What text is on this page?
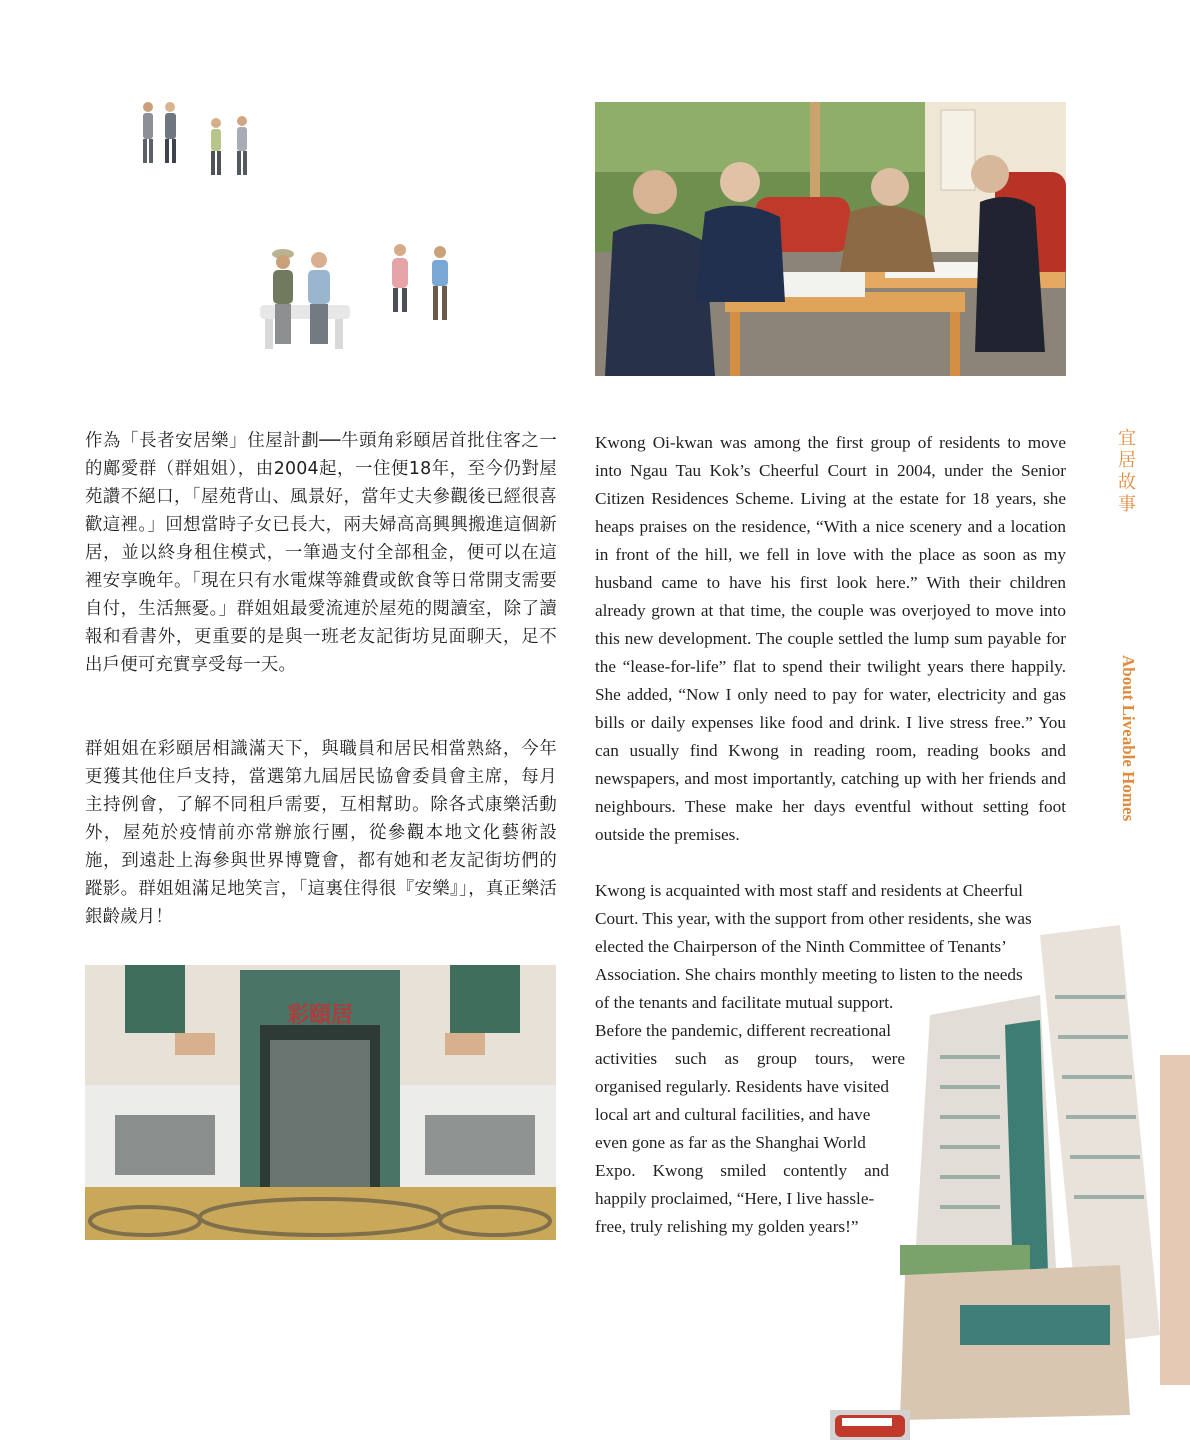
作為「長者安居樂」住屋計劃──牛頭角彩頤居首批住客之一的鄺愛群（群姐姐），由2004起，一住便18年，至今仍對屋苑讚不絕口，「屋苑背山、風景好，當年丈夫參觀後已經很喜歡這裡。」回想當時子女已長大，兩夫婦高高興興搬進這個新居，並以終身租住模式，一筆過支付全部租金，便可以在這裡安享晚年。「現在只有水電煤等雜費或飲食等日常開支需要自付，生活無憂。」群姐姐最愛流連於屋苑的閱讀室，除了讀報和看書外，更重要的是與一班老友記街坊見面聊天，足不出戶便可充實享受每一天。

群姐姐在彩頤居相識滿天下，與職員和居民相當熟絡，今年更獲其他住戶支持，當選第九屆居民協會委員會主席，每月主持例會，了解不同租戶需要，互相幫助。除各式康樂活動外，屋苑於疫情前亦常辦旅行團，從參觀本地文化藝術設施，到遠赴上海參與世界博覽會，都有她和老友記街坊們的蹤影。群姐姐滿足地笑言，「這裏住得很『安樂』」，真正樂活銀齡歲月！

彩頤居

Kwong Oi-kwan was among the first group of residents to move into Ngau Tau Kok’s Cheerful Court in 2004, under the Senior Citizen Residences Scheme. Living at the estate for 18 years, she heaps praises on the residence, “With a nice scenery and a location in front of the hill, we fell in love with the place as soon as my husband came to have his first look here.” With their children already grown at that time, the couple was overjoyed to move into this new development. The couple settled the lump sum payable for the “lease-for-life” flat to spend their twilight years there happily. She added, “Now I only need to pay for water, electricity and gas bills or daily expenses like food and drink. I live stress free.” You can usually find Kwong in reading room, reading books and newspapers, and most importantly, catching up with her friends and neighbours. These make her days eventful without setting foot outside the premises.

Kwong is acquainted with most staff and residents at Cheerful
Court. This year, with the support from other residents, she was
elected the Chairperson of the Ninth Committee of Tenants’
Association. She chairs monthly meeting to listen to the needs
of the tenants and facilitate mutual support.
Before the pandemic, different recreational
activities such as group tours, were
organised regularly. Residents have visited
local art and cultural facilities, and have
even gone as far as the Shanghai World
Expo. Kwong smiled contently and
happily proclaimed, “Here, I live hassle-
free, truly relishing my golden years!”
宜居故事
About Liveable Homes
